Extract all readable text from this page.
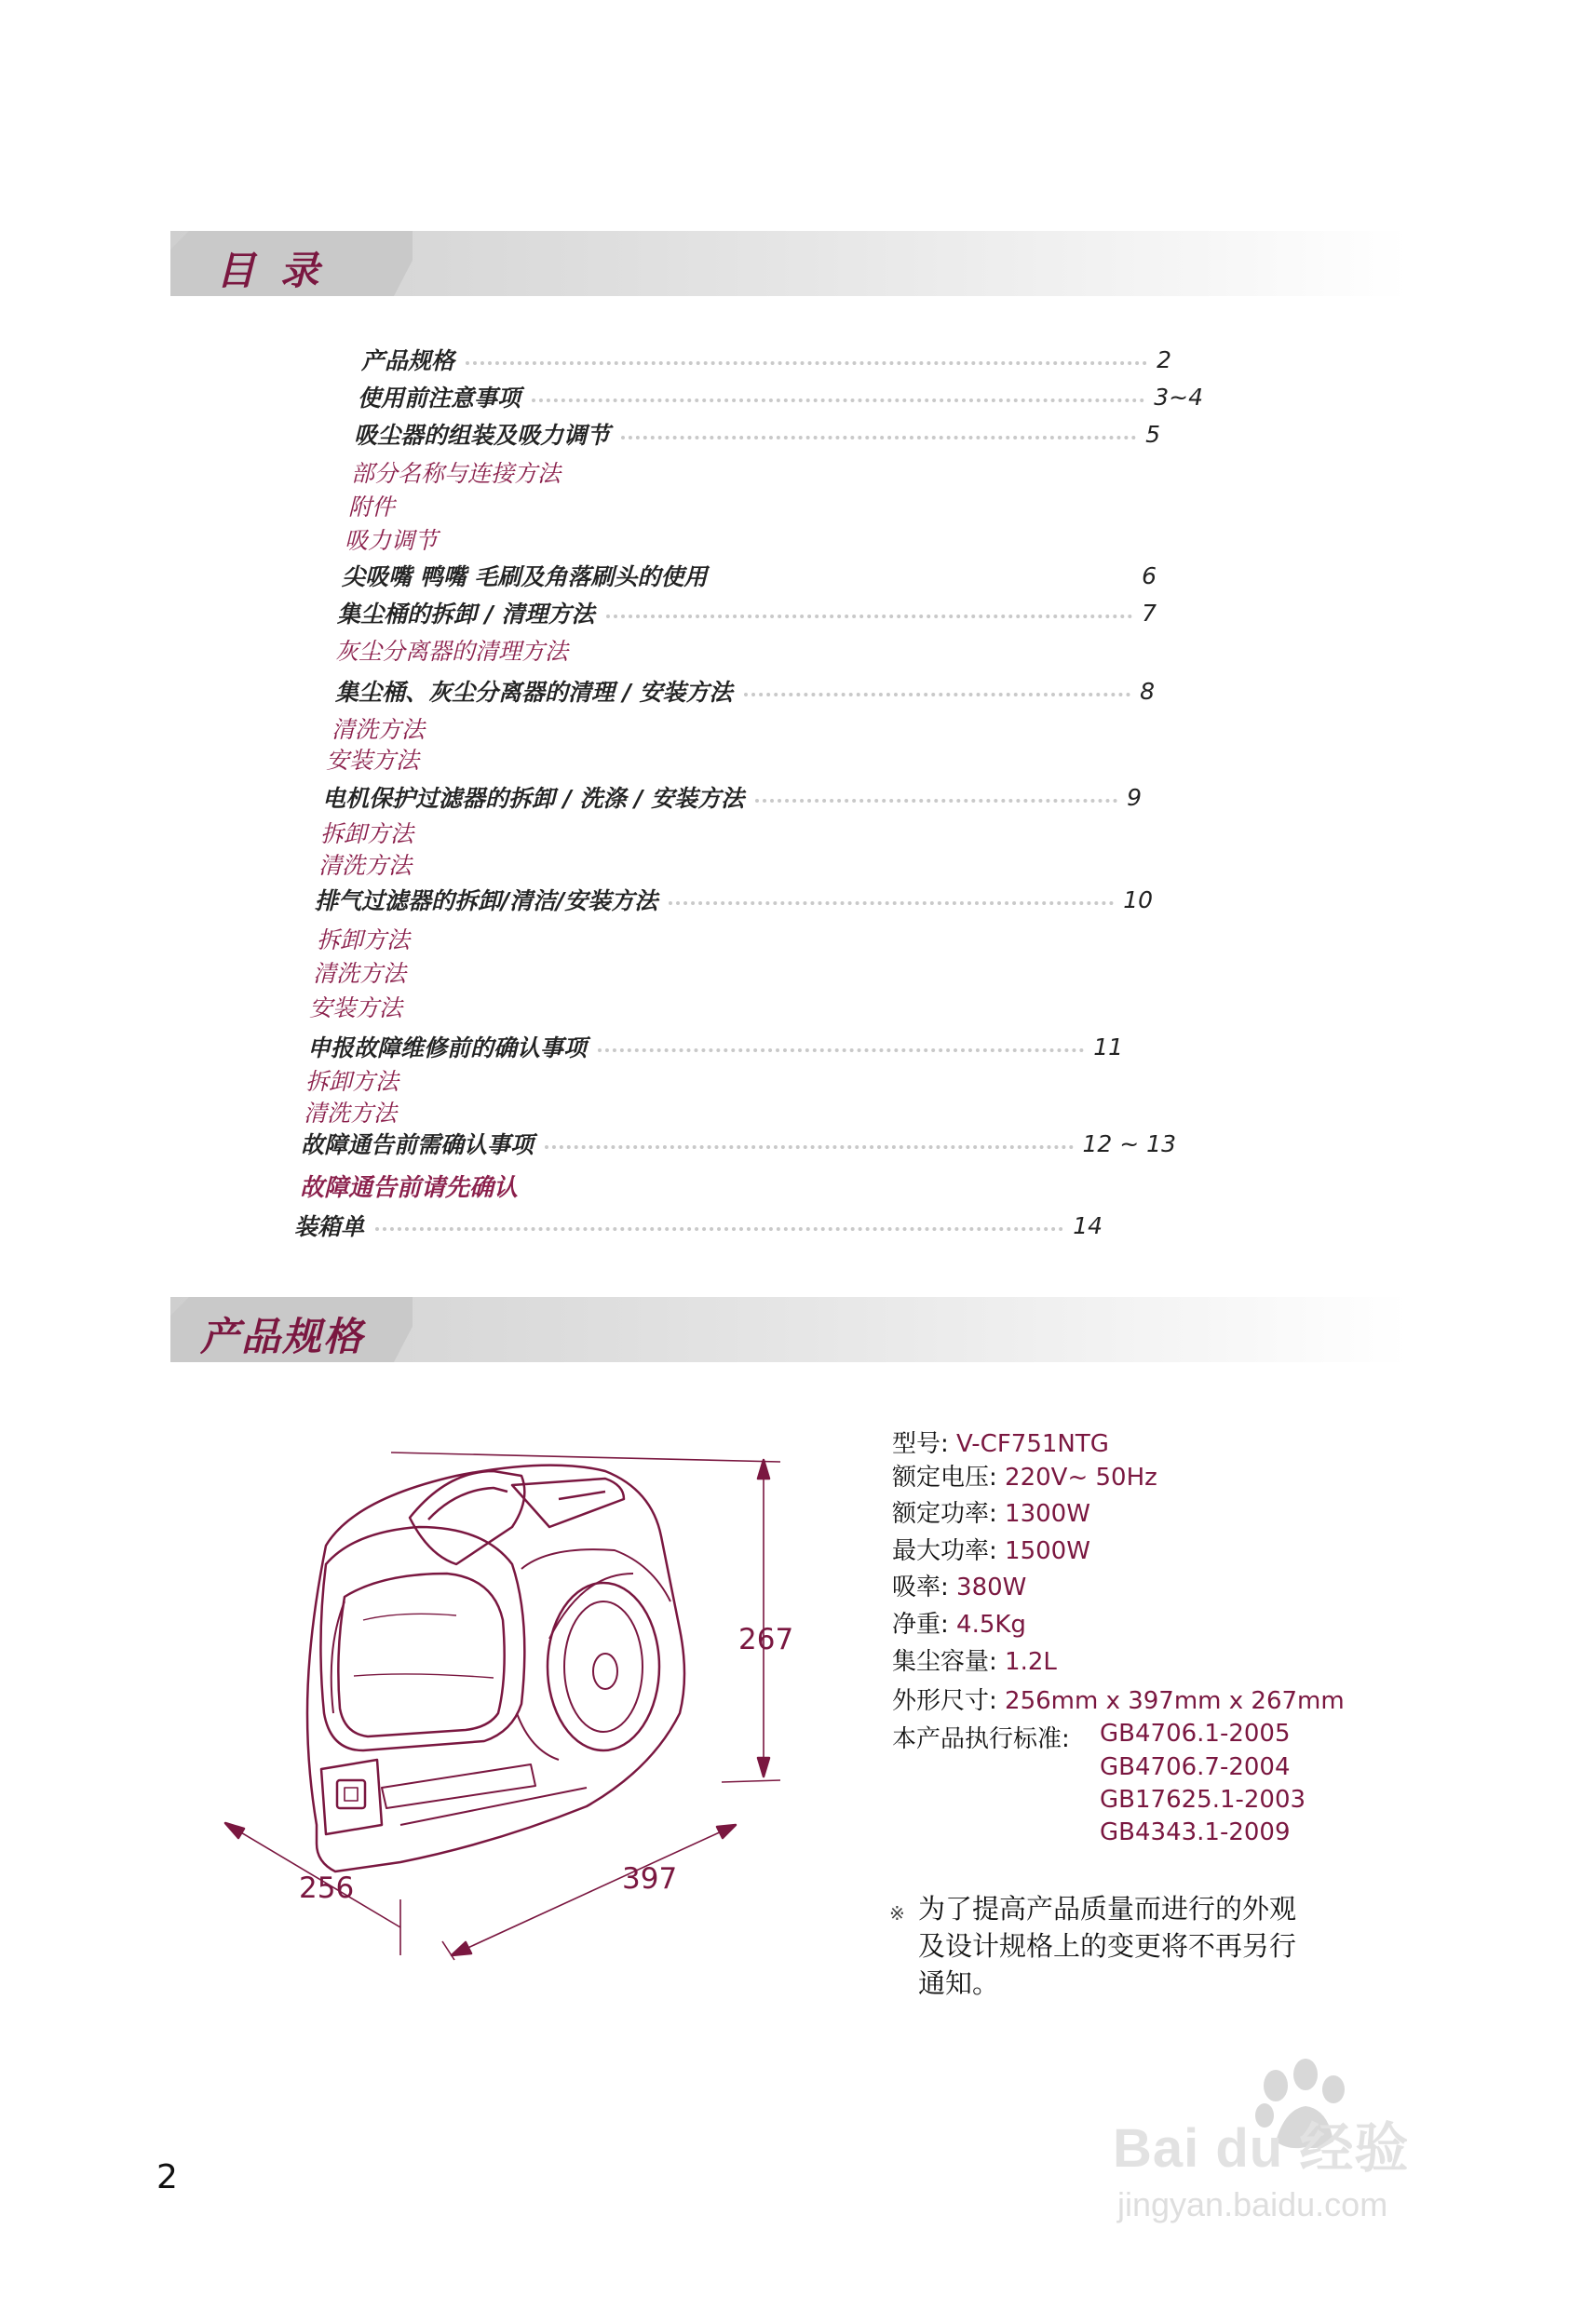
目 录
产品规格	2
使用前注意事项	3~4
吸尘器的组装及吸力调节	5
部分名称与连接方法
附件
吸力调节
尖吸嘴 鸭嘴 毛刷及角落刷头的使用	6
集尘桶的拆卸 / 清理方法	7
灰尘分离器的清理方法
集尘桶、灰尘分离器的清理 / 安装方法	8
清洗方法
安装方法
电机保护过滤器的拆卸 / 洗涤 / 安装方法	9
拆卸方法
清洗方法
排气过滤器的拆卸/清洁/安装方法	10
拆卸方法
清洗方法
安装方法
申报故障维修前的确认事项	11
拆卸方法
清洗方法
故障通告前需确认事项	12 ~ 13
故障通告前请先确认
装箱单	14
产品规格
267
256	397
型号: V-CF751NTG
额定电压: 220V~ 50Hz
额定功率: 1300W
最大功率: 1500W
吸率: 380W
净重: 4.5Kg
集尘容量: 1.2L
外形尺寸: 256mm x 397mm x 267mm
本产品执行标准: GB4706.1-2005
GB4706.7-2004
GB17625.1-2003
GB4343.1-2009
※ 为了提高产品质量而进行的外观
及设计规格上的变更将不再另行
通知。
2	Bai du 经验
jingyan.baidu.com
